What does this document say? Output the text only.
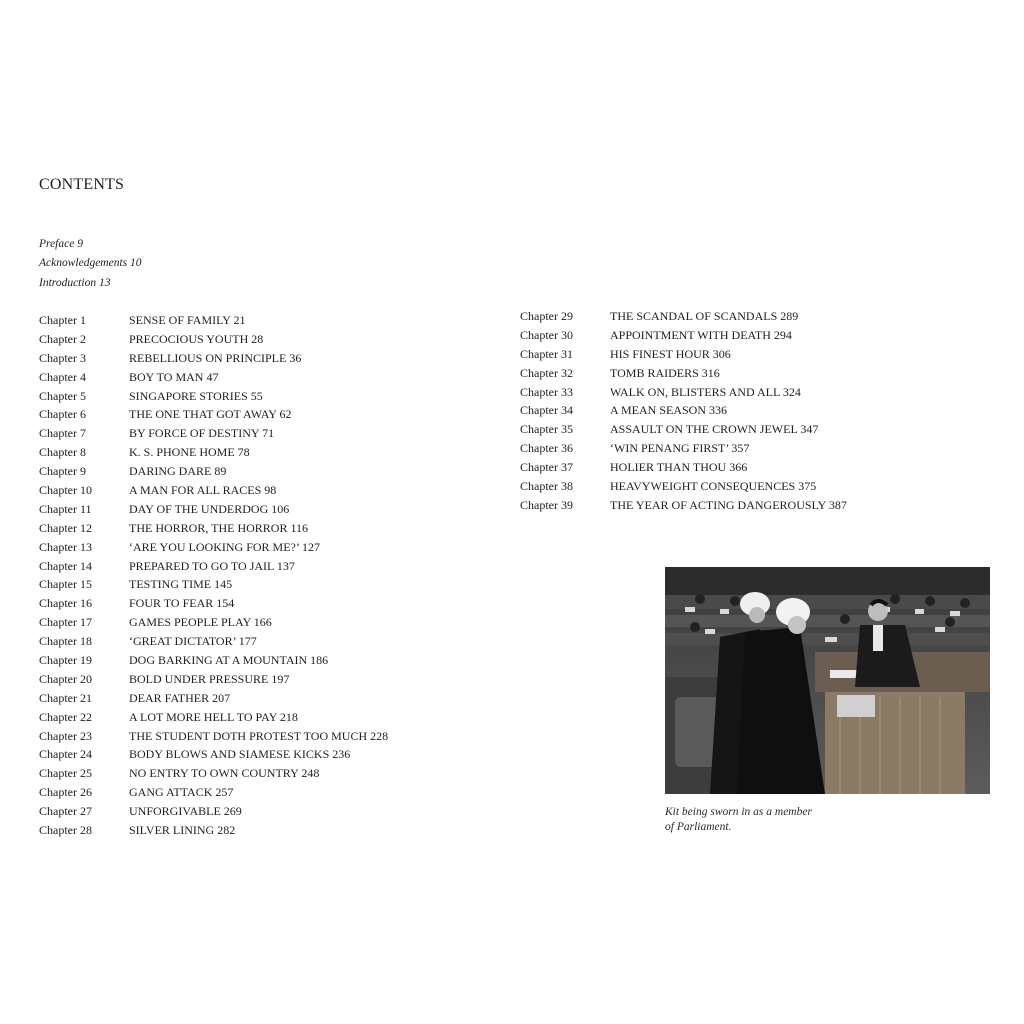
CONTENTS
Preface 9
Acknowledgements 10
Introduction 13
Chapter 1	SENSE OF FAMILY 21
Chapter 2	PRECOCIOUS YOUTH 28
Chapter 3	REBELLIOUS ON PRINCIPLE 36
Chapter 4	BOY TO MAN 47
Chapter 5	SINGAPORE STORIES 55
Chapter 6	THE ONE THAT GOT AWAY 62
Chapter 7	BY FORCE OF DESTINY 71
Chapter 8	K. S. PHONE HOME 78
Chapter 9	DARING DARE 89
Chapter 10	A MAN FOR ALL RACES 98
Chapter 11	DAY OF THE UNDERDOG 106
Chapter 12	THE HORROR, THE HORROR 116
Chapter 13	‘ARE YOU LOOKING FOR ME?’ 127
Chapter 14	PREPARED TO GO TO JAIL 137
Chapter 15	TESTING TIME 145
Chapter 16	FOUR TO FEAR 154
Chapter 17	GAMES PEOPLE PLAY 166
Chapter 18	‘GREAT DICTATOR’ 177
Chapter 19	DOG BARKING AT A MOUNTAIN 186
Chapter 20	BOLD UNDER PRESSURE 197
Chapter 21	DEAR FATHER 207
Chapter 22	A LOT MORE HELL TO PAY 218
Chapter 23	THE STUDENT DOTH PROTEST TOO MUCH 228
Chapter 24	BODY BLOWS AND SIAMESE KICKS 236
Chapter 25	NO ENTRY TO OWN COUNTRY 248
Chapter 26	GANG ATTACK 257
Chapter 27	UNFORGIVABLE 269
Chapter 28	SILVER LINING 282
Chapter 29	THE SCANDAL OF SCANDALS 289
Chapter 30	APPOINTMENT WITH DEATH 294
Chapter 31	HIS FINEST HOUR 306
Chapter 32	TOMB RAIDERS 316
Chapter 33	WALK ON, BLISTERS AND ALL 324
Chapter 34	A MEAN SEASON 336
Chapter 35	ASSAULT ON THE CROWN JEWEL 347
Chapter 36	‘WIN PENANG FIRST’ 357
Chapter 37	HOLIER THAN THOU 366
Chapter 38	HEAVYWEIGHT CONSEQUENCES 375
Chapter 39	THE YEAR OF ACTING DANGEROUSLY 387
Kit being sworn in as a member
of Parliament.
